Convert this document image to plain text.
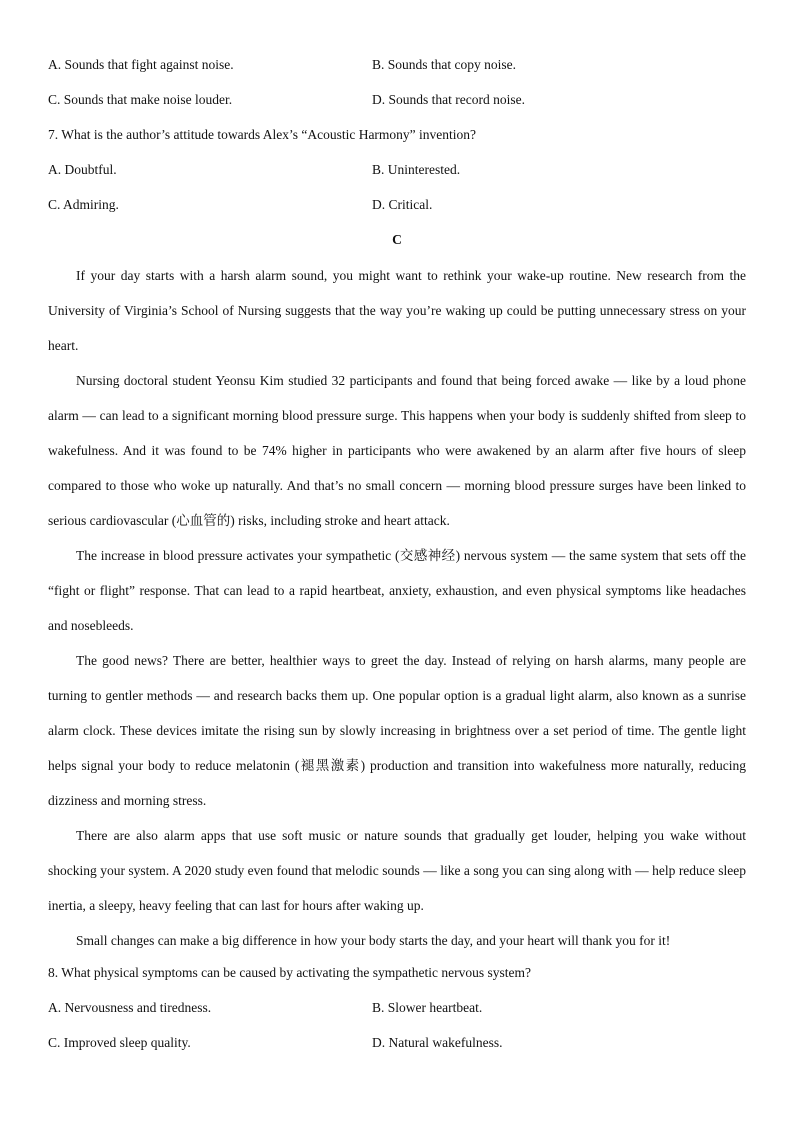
A. Sounds that fight against noise.	B. Sounds that copy noise.
C. Sounds that make noise louder.	D. Sounds that record noise.
7. What is the author’s attitude towards Alex’s “Acoustic Harmony” invention?
A. Doubtful.	B. Uninterested.
C. Admiring.	D. Critical.
C

If your day starts with a harsh alarm sound, you might want to rethink your wake-up routine. New research from the University of Virginia’s School of Nursing suggests that the way you’re waking up could be putting unnecessary stress on your heart.

Nursing doctoral student Yeonsu Kim studied 32 participants and found that being forced awake — like by a loud phone alarm — can lead to a significant morning blood pressure surge. This happens when your body is suddenly shifted from sleep to wakefulness. And it was found to be 74% higher in participants who were awakened by an alarm after five hours of sleep compared to those who woke up naturally. And that’s no small concern — morning blood pressure surges have been linked to serious cardiovascular (心血管的) risks, including stroke and heart attack.

The increase in blood pressure activates your sympathetic (交感神经) nervous system — the same system that sets off the “fight or flight” response. That can lead to a rapid heartbeat, anxiety, exhaustion, and even physical symptoms like headaches and nosebleeds.

The good news? There are better, healthier ways to greet the day. Instead of relying on harsh alarms, many people are turning to gentler methods — and research backs them up. One popular option is a gradual light alarm, also known as a sunrise alarm clock. These devices imitate the rising sun by slowly increasing in brightness over a set period of time. The gentle light helps signal your body to reduce melatonin (褪黑激素) production and transition into wakefulness more naturally, reducing dizziness and morning stress.

There are also alarm apps that use soft music or nature sounds that gradually get louder, helping you wake without shocking your system. A 2020 study even found that melodic sounds — like a song you can sing along with — help reduce sleep inertia, a sleepy, heavy feeling that can last for hours after waking up.

Small changes can make a big difference in how your body starts the day, and your heart will thank you for it!

8. What physical symptoms can be caused by activating the sympathetic nervous system?
A. Nervousness and tiredness.	B. Slower heartbeat.
C. Improved sleep quality.	D. Natural wakefulness.
